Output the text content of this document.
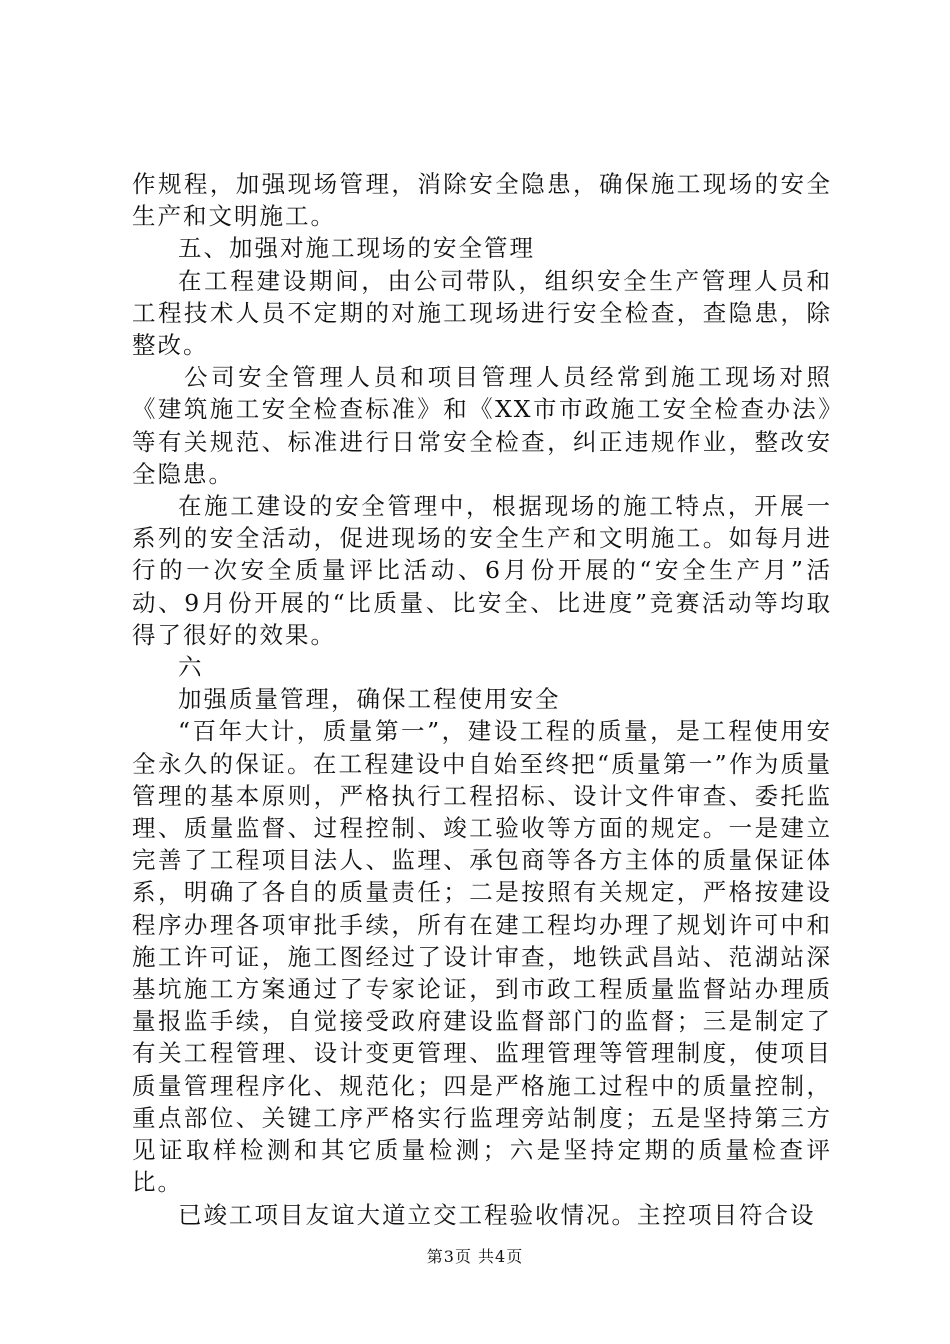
作规程，加强现场管理，消除安全隐患，确保施工现场的安全生产和文明施工。

五、加强对施工现场的安全管理

在工程建设期间，由公司带队，组织安全生产管理人员和工程技术人员不定期的对施工现场进行安全检查，查隐患，除整改。

公司安全管理人员和项目管理人员经常到施工现场对照《建筑施工安全检查标准》和《XX市市政施工安全检查办法》等有关规范、标准进行日常安全检查，纠正违规作业，整改安全隐患。

在施工建设的安全管理中，根据现场的施工特点，开展一系列的安全活动，促进现场的安全生产和文明施工。如每月进行的一次安全质量评比活动、6月份开展的“安全生产月”活动、9月份开展的“比质量、比安全、比进度”竞赛活动等均取得了很好的效果。

六

加强质量管理，确保工程使用安全

“百年大计，质量第一”，建设工程的质量，是工程使用安全永久的保证。在工程建设中自始至终把“质量第一”作为质量管理的基本原则，严格执行工程招标、设计文件审查、委托监理、质量监督、过程控制、竣工验收等方面的规定。一是建立完善了工程项目法人、监理、承包商等各方主体的质量保证体系，明确了各自的质量责任；二是按照有关规定，严格按建设程序办理各项审批手续，所有在建工程均办理了规划许可中和施工许可证，施工图经过了设计审查，地铁武昌站、范湖站深基坑施工方案通过了专家论证，到市政工程质量监督站办理质量报监手续，自觉接受政府建设监督部门的监督；三是制定了有关工程管理、设计变更管理、监理管理等管理制度，使项目质量管理程序化、规范化；四是严格施工过程中的质量控制，重点部位、关键工序严格实行监理旁站制度；五是坚持第三方见证取样检测和其它质量检测；六是坚持定期的质量检查评比。

已竣工项目友谊大道立交工程验收情况。主控项目符合设

第3页 共4页
